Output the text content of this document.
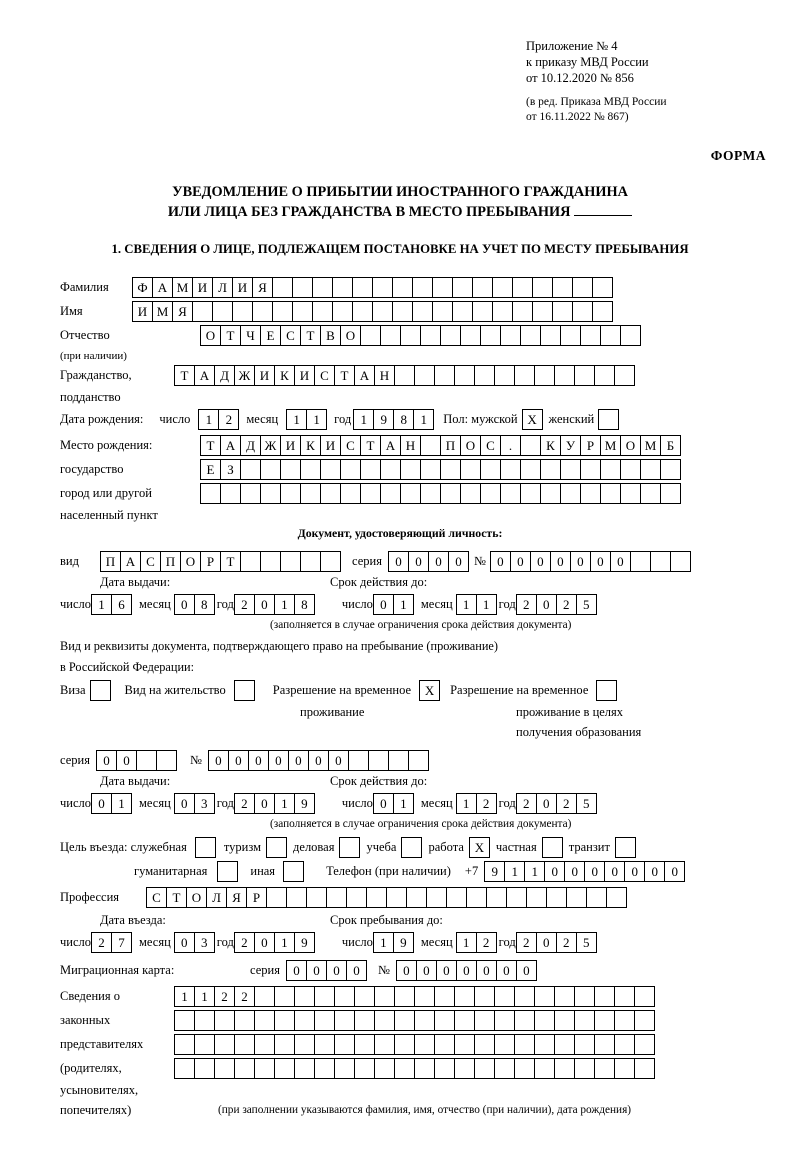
Приложение № 4
к приказу МВД России
от 10.12.2020 № 856
(в ред. Приказа МВД России
от 16.11.2022 № 867)
ФОРМА
УВЕДОМЛЕНИЕ О ПРИБЫТИИ ИНОСТРАННОГО ГРАЖДАНИНА
ИЛИ ЛИЦА БЕЗ ГРАЖДАНСТВА В МЕСТО ПРЕБЫВАНИЯ
1. СВЕДЕНИЯ О ЛИЦЕ, ПОДЛЕЖАЩЕМ ПОСТАНОВКЕ НА УЧЕТ ПО МЕСТУ ПРЕБЫВАНИЯ
Фамилия	Ф А М И Л И Я
Имя	И М Я
Отчество	О Т Ч Е С Т В О
(при наличии)
Гражданство,	Т А Д Ж И К И С Т А Н
подданство
Дата рождения: число	1	2	месяц	1	1	год 1	9	8	1	Пол: мужской X женский
Место рождения:	Т А Д Ж И К И С Т А Н	П О С	.	К У Р М О М Б
государство	Е З
город или другой
населенный пункт
Документ, удостоверяющий личность:
вид	П А С П О Р Т	серия	0	0	0	0 № 0	0	0	0	0	0	0
Дата выдачи:	Срок действия до:
число 1	6	месяц 0	8 год 2	0	1	8	число 0	1	месяц 1	1 год 2	0	2	5
(заполняется в случае ограничения срока действия документа)
Вид и реквизиты документа, подтверждающего право на пребывание (проживание)
в Российской Федерации:
Виза	Вид на жительство	Разрешение на временное	X	Разрешение на временное
проживание	проживание в целях
получения образования
серия	0	0	№	0	0	0	0	0	0	0
Дата выдачи:	Срок действия до:
число 0	1	месяц 0	3 год 2	0	1	9	число 0	1	месяц 1	2 год 2	0	2	5
(заполняется в случае ограничения срока действия документа)
Цель въезда: служебная	туризм	деловая	учеба	работа X частная	транзит
гуманитарная	иная	Телефон (при наличии) +7	9	1	1	0	0	0	0	0	0	0
Профессия	С Т О Л Я Р
Дата въезда:	Срок пребывания до:
число 2	7	месяц 0	3 год 2	0	1	9	число 1	9	месяц 1	2 год 2	0	2	5
Миграционная карта:	серия	0	0	0	0	№	0	0	0	0	0	0	0
Сведения о	1	1	2	2
законных
представителях
(родителях,
усыновителях,
попечителях)	(при заполнении указываются фамилия, имя, отчество (при наличии), дата рождения)
